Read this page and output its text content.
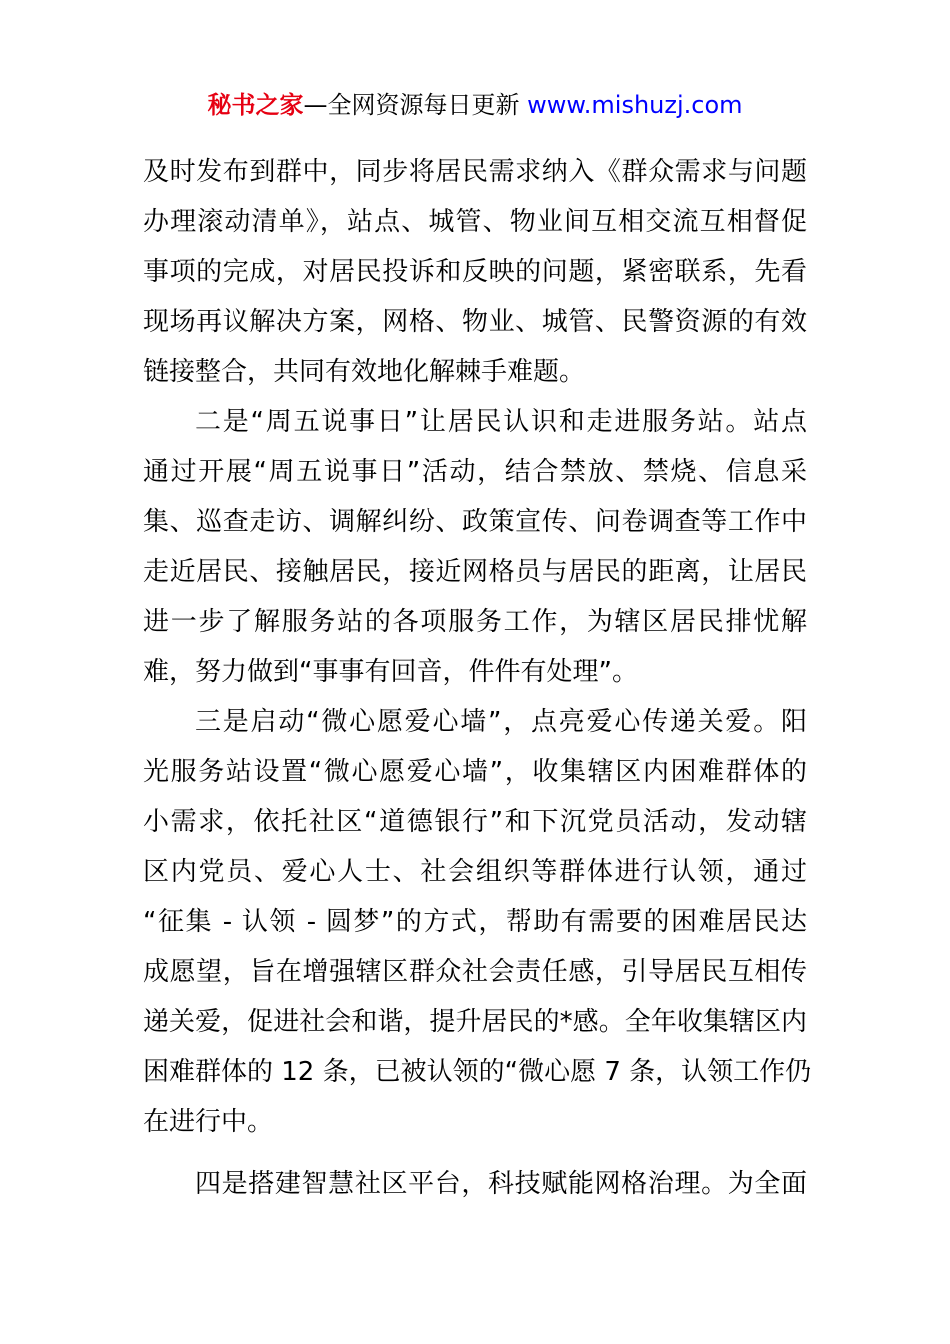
秘书之家—全网资源每日更新 www.mishuzj.com
及时发布到群中，同步将居民需求纳入《群众需求与问题
办理滚动清单》，站点、城管、物业间互相交流互相督促
事项的完成，对居民投诉和反映的问题，紧密联系，先看
现场再议解决方案，网格、物业、城管、民警资源的有效
链接整合，共同有效地化解棘手难题。
二是“周五说事日”让居民认识和走进服务站。站点
通过开展“周五说事日”活动，结合禁放、禁烧、信息采
集、巡查走访、调解纠纷、政策宣传、问卷调查等工作中
走近居民、接触居民，接近网格员与居民的距离，让居民
进一步了解服务站的各项服务工作，为辖区居民排忧解
难，努力做到“事事有回音，件件有处理”。
三是启动“微心愿爱心墙”，点亮爱心传递关爱。阳
光服务站设置“微心愿爱心墙”，收集辖区内困难群体的
小需求，依托社区“道德银行”和下沉党员活动，发动辖
区内党员、爱心人士、社会组织等群体进行认领，通过
“征集 - 认领 - 圆梦”的方式，帮助有需要的困难居民达
成愿望，旨在增强辖区群众社会责任感，引导居民互相传
递关爱，促进社会和谐，提升居民的*感。全年收集辖区内
困难群体的 12 条，已被认领的“微心愿 7 条，认领工作仍
在进行中。
四是搭建智慧社区平台，科技赋能网格治理。为全面
